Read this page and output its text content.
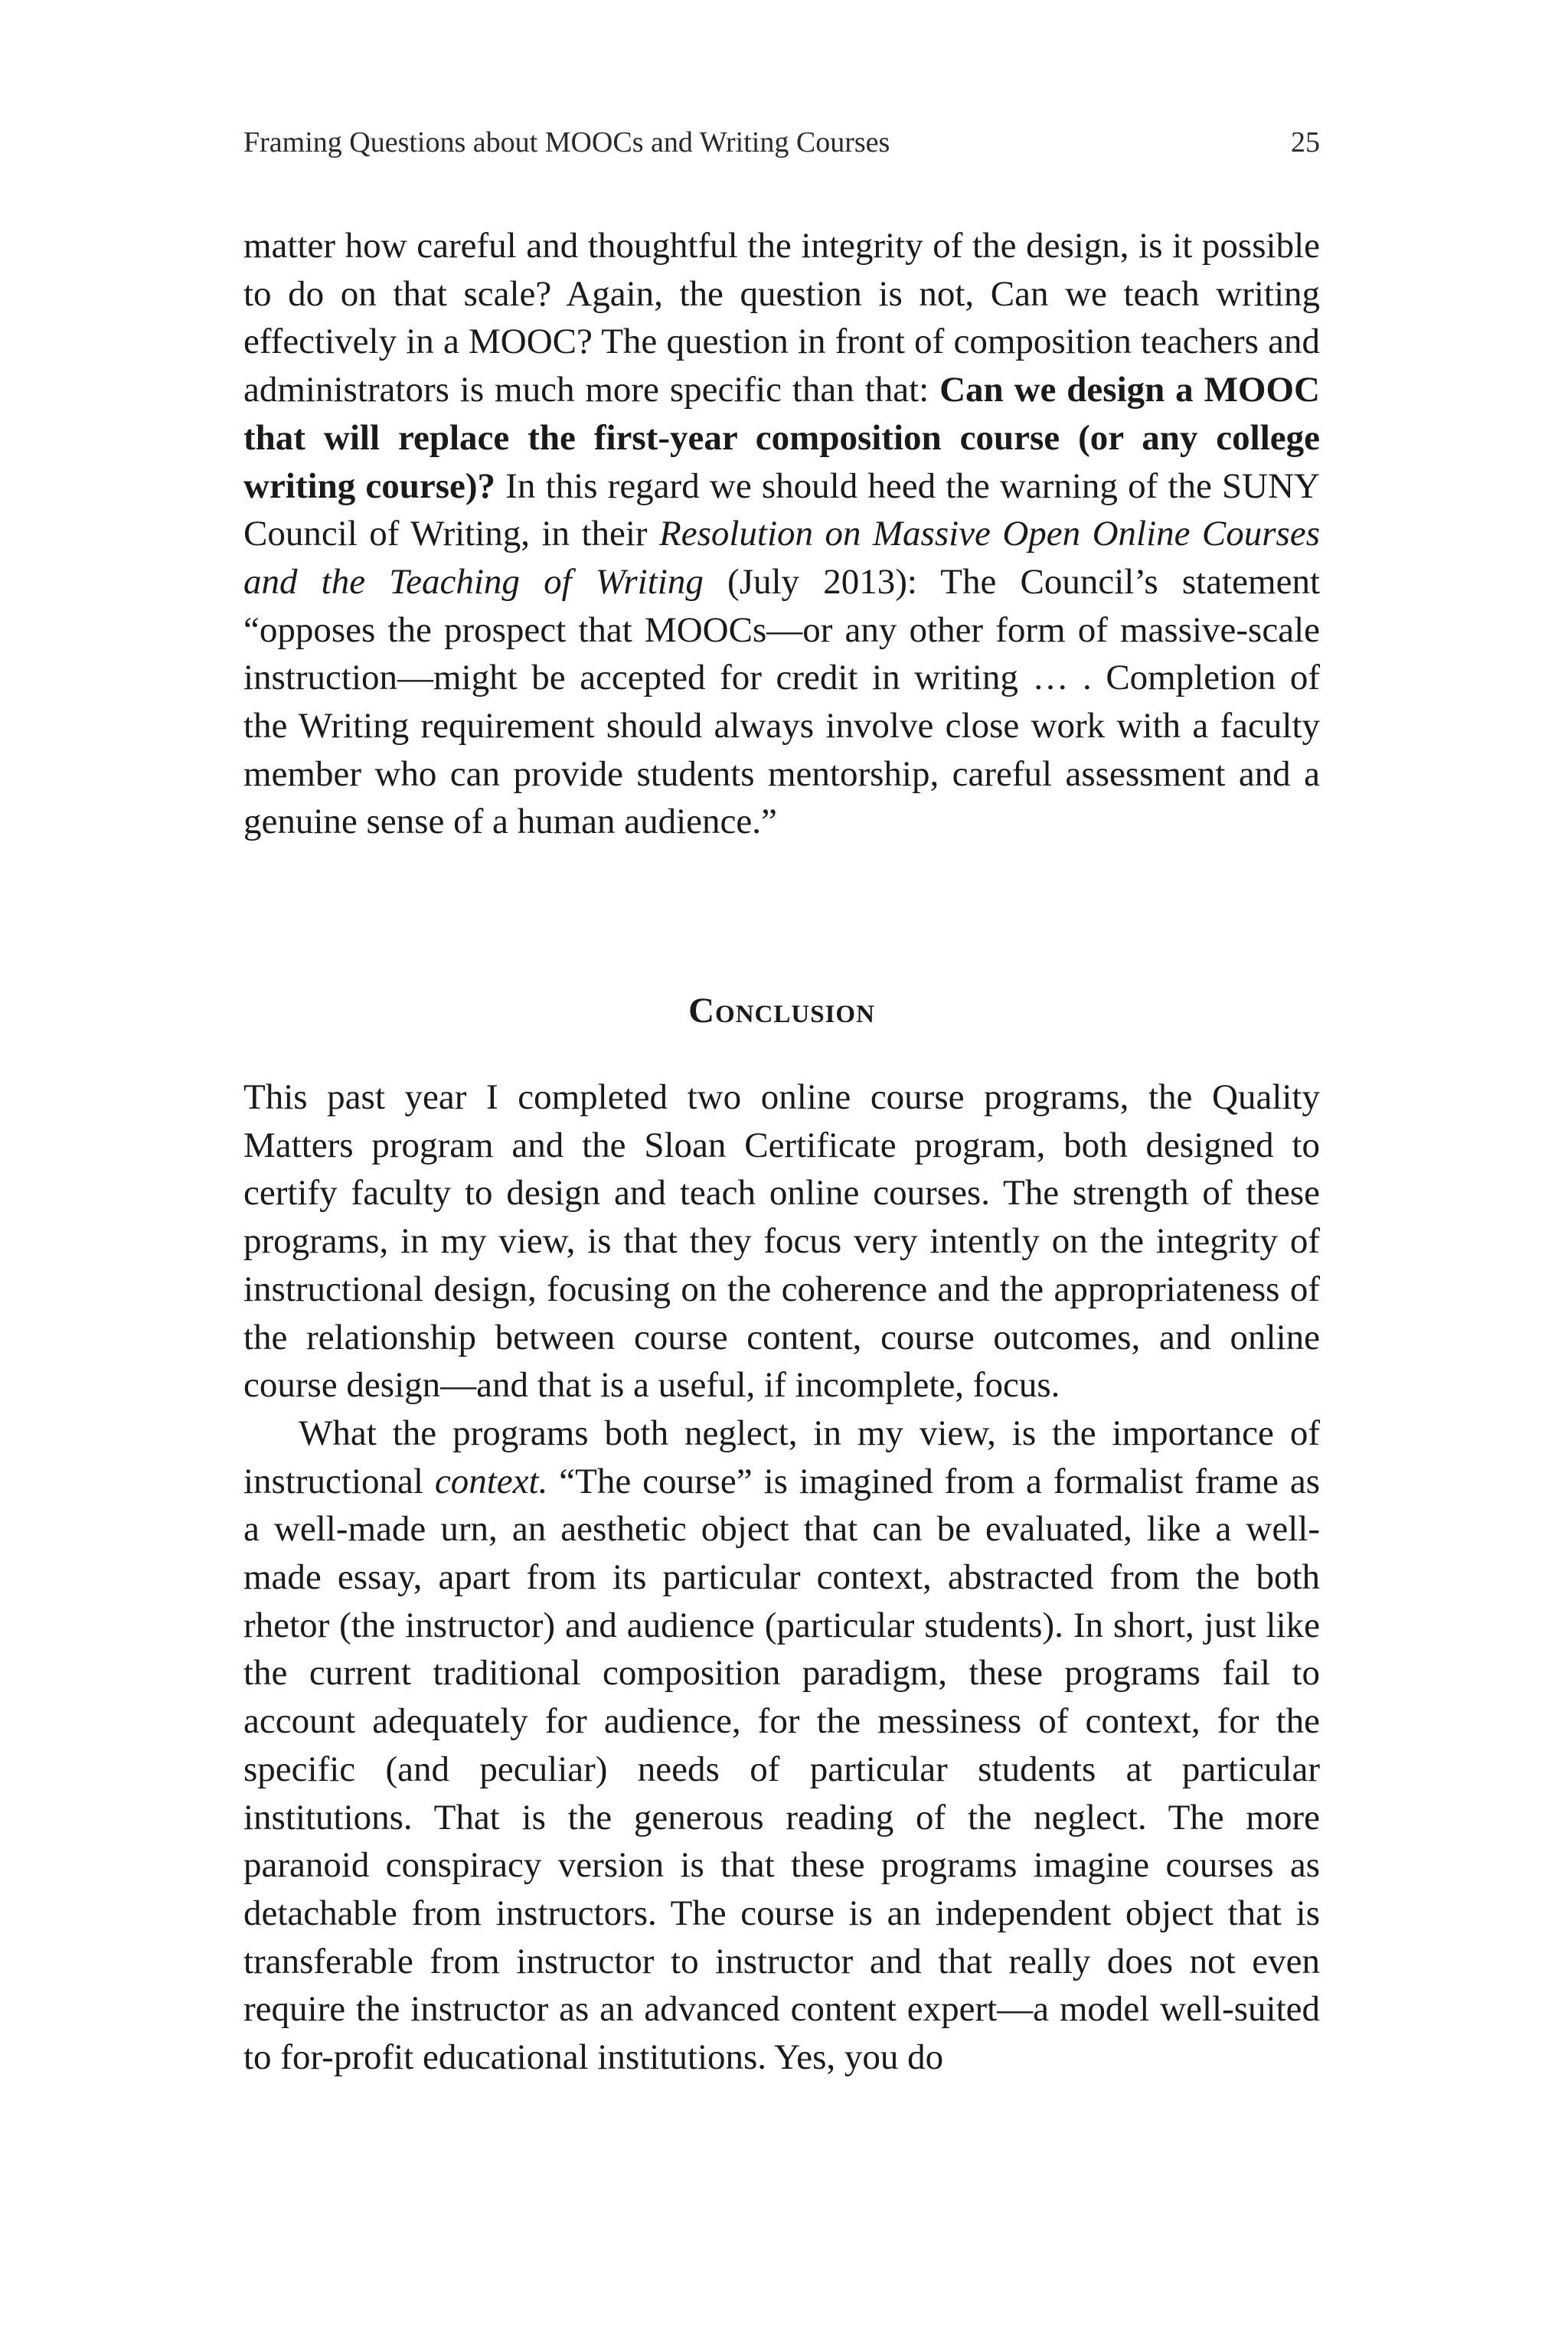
Framing Questions about MOOCs and Writing Courses	25

matter how careful and thoughtful the integrity of the design, is it possible to do on that scale? Again, the question is not, Can we teach writing effectively in a MOOC? The question in front of composition teachers and administrators is much more specific than that: Can we design a MOOC that will replace the first-year composition course (or any college writing course)? In this regard we should heed the warning of the SUNY Council of Writing, in their Resolution on Massive Open Online Courses and the Teaching of Writing (July 2013): The Council’s statement “opposes the prospect that MOOCs—or any other form of massive-scale instruction—might be accepted for credit in writing … . Completion of the Writing requirement should always involve close work with a faculty member who can provide students mentorship, careful assessment and a genuine sense of a human audience.”

Conclusion

This past year I completed two online course programs, the Quality Matters program and the Sloan Certificate program, both designed to certify faculty to design and teach online courses. The strength of these programs, in my view, is that they focus very intently on the integrity of instructional design, focusing on the coherence and the appropriateness of the relationship between course content, course outcomes, and online course design—and that is a useful, if incomplete, focus.

What the programs both neglect, in my view, is the importance of instructional context. “The course” is imagined from a formalist frame as a well-made urn, an aesthetic object that can be evaluated, like a well-made essay, apart from its particular context, abstracted from the both rhetor (the instructor) and audience (particular students). In short, just like the current traditional composition paradigm, these programs fail to account adequately for audience, for the messiness of context, for the specific (and peculiar) needs of particular students at particular institutions. That is the generous reading of the neglect. The more paranoid conspiracy version is that these programs imagine courses as detachable from instructors. The course is an independent object that is transferable from instructor to instructor and that really does not even require the instructor as an advanced content expert—a model well-suited to for-profit educational institutions. Yes, you do
